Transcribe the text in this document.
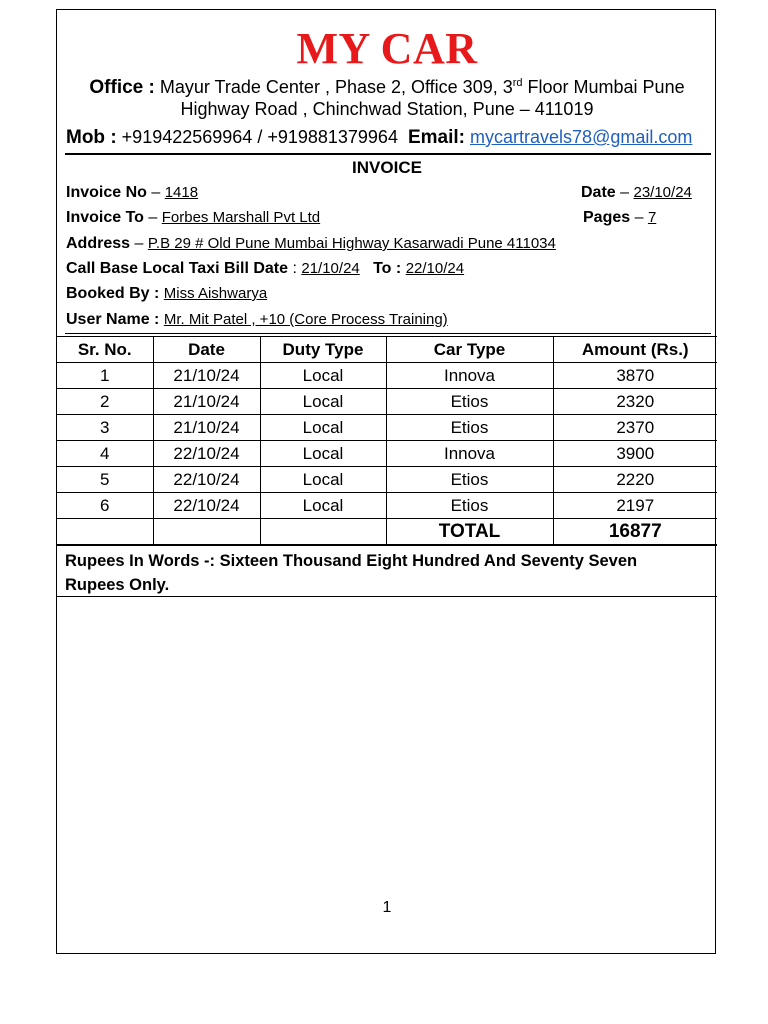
MY CAR
Office : Mayur Trade Center , Phase 2, Office 309, 3rd Floor Mumbai Pune
Highway Road , Chinchwad Station, Pune – 411019
Mob : +919422569964 / +919881379964 Email: mycartravels78@gmail.com
INVOICE
Invoice No – 1418	Date – 23/10/24
Invoice To – Forbes Marshall Pvt Ltd	Pages – 7
Address – P.B 29 # Old Pune Mumbai Highway Kasarwadi Pune 411034
Call Base Local Taxi Bill Date : 21/10/24 To : 22/10/24
Booked By : Miss Aishwarya
User Name : Mr. Mit Patel , +10 (Core Process Training)
Sr. No.	Date	Duty Type	Car Type	Amount (Rs.)
1	21/10/24	Local	Innova	3870
2	21/10/24	Local	Etios	2320
3	21/10/24	Local	Etios	2370
4	22/10/24	Local	Innova	3900
5	22/10/24	Local	Etios	2220
6	22/10/24	Local	Etios	2197
			TOTAL	16877
Rupees In Words -: Sixteen Thousand Eight Hundred And Seventy Seven
Rupees Only.
1
